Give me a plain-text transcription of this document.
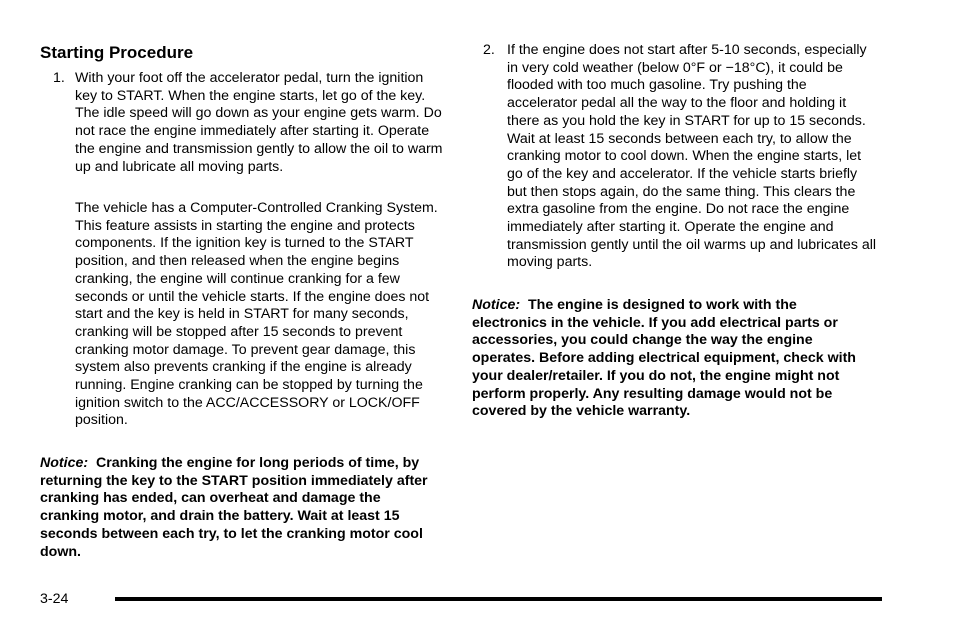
Starting Procedure
1. With your foot off the accelerator pedal, turn the ignition key to START. When the engine starts, let go of the key. The idle speed will go down as your engine gets warm. Do not race the engine immediately after starting it. Operate the engine and transmission gently to allow the oil to warm up and lubricate all moving parts.

The vehicle has a Computer-Controlled Cranking System. This feature assists in starting the engine and protects components. If the ignition key is turned to the START position, and then released when the engine begins cranking, the engine will continue cranking for a few seconds or until the vehicle starts. If the engine does not start and the key is held in START for many seconds, cranking will be stopped after 15 seconds to prevent cranking motor damage. To prevent gear damage, this system also prevents cranking if the engine is already running. Engine cranking can be stopped by turning the ignition switch to the ACC/ACCESSORY or LOCK/OFF position.

Notice: Cranking the engine for long periods of time, by returning the key to the START position immediately after cranking has ended, can overheat and damage the cranking motor, and drain the battery. Wait at least 15 seconds between each try, to let the cranking motor cool down.

2. If the engine does not start after 5-10 seconds, especially in very cold weather (below 0°F or −18°C), it could be flooded with too much gasoline. Try pushing the accelerator pedal all the way to the floor and holding it there as you hold the key in START for up to 15 seconds. Wait at least 15 seconds between each try, to allow the cranking motor to cool down. When the engine starts, let go of the key and accelerator. If the vehicle starts briefly but then stops again, do the same thing. This clears the extra gasoline from the engine. Do not race the engine immediately after starting it. Operate the engine and transmission gently until the oil warms up and lubricates all moving parts.

Notice: The engine is designed to work with the electronics in the vehicle. If you add electrical parts or accessories, you could change the way the engine operates. Before adding electrical equipment, check with your dealer/retailer. If you do not, the engine might not perform properly. Any resulting damage would not be covered by the vehicle warranty.

3-24
